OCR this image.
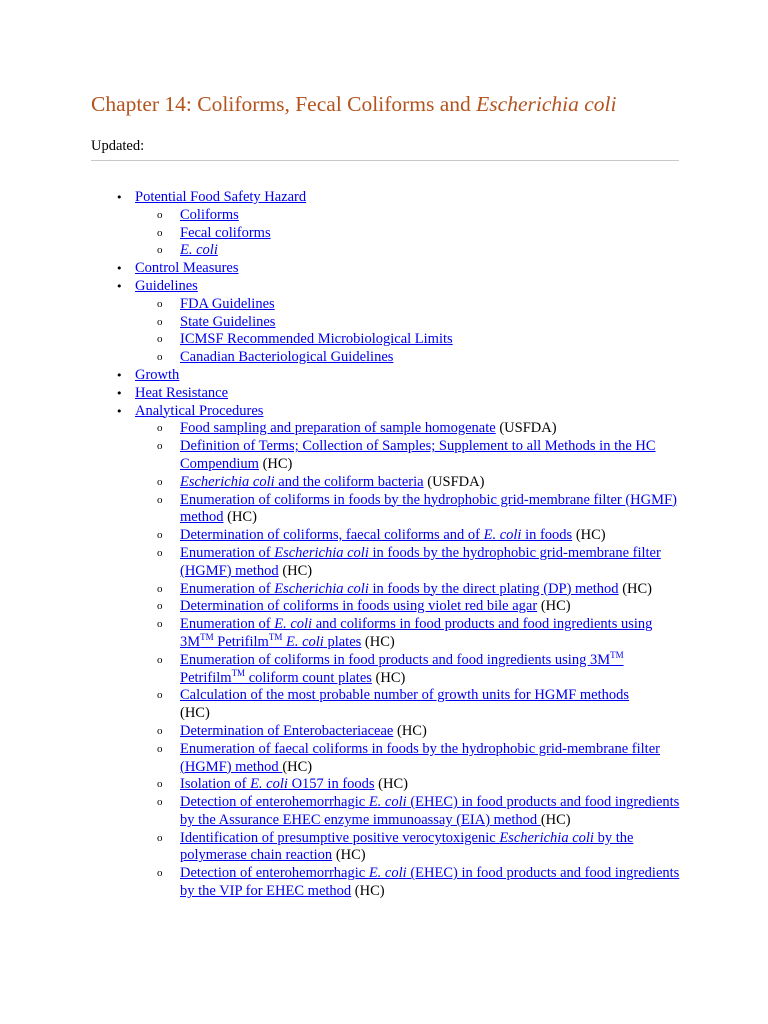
Chapter 14: Coliforms, Fecal Coliforms and Escherichia coli
Updated:
• Potential Food Safety Hazard
o Coliforms
o Fecal coliforms
o E. coli
• Control Measures
• Guidelines
o FDA Guidelines
o State Guidelines
o ICMSF Recommended Microbiological Limits
o Canadian Bacteriological Guidelines
• Growth
• Heat Resistance
• Analytical Procedures
o Food sampling and preparation of sample homogenate (USFDA)
o Definition of Terms; Collection of Samples; Supplement to all Methods in the HC Compendium (HC)
o Escherichia coli and the coliform bacteria (USFDA)
o Enumeration of coliforms in foods by the hydrophobic grid-membrane filter (HGMF) method (HC)
o Determination of coliforms, faecal coliforms and of E. coli in foods (HC)
o Enumeration of Escherichia coli in foods by the hydrophobic grid-membrane filter (HGMF) method (HC)
o Enumeration of Escherichia coli in foods by the direct plating (DP) method (HC)
o Determination of coliforms in foods using violet red bile agar (HC)
o Enumeration of E. coli and coliforms in food products and food ingredients using 3M™ Petrifilm™ E. coli plates (HC)
o Enumeration of coliforms in food products and food ingredients using 3M™ Petrifilm™ coliform count plates (HC)
o Calculation of the most probable number of growth units for HGMF methods
(HC)
o Determination of Enterobacteriaceae (HC)
o Enumeration of faecal coliforms in foods by the hydrophobic grid-membrane filter (HGMF) method (HC)
o Isolation of E. coli O157 in foods (HC)
o Detection of enterohemorrhagic E. coli (EHEC) in food products and food ingredients by the Assurance EHEC enzyme immunoassay (EIA) method (HC)
o Identification of presumptive positive verocytoxigenic Escherichia coli by the polymerase chain reaction (HC)
o Detection of enterohemorrhagic E. coli (EHEC) in food products and food ingredients by the VIP for EHEC method (HC)
